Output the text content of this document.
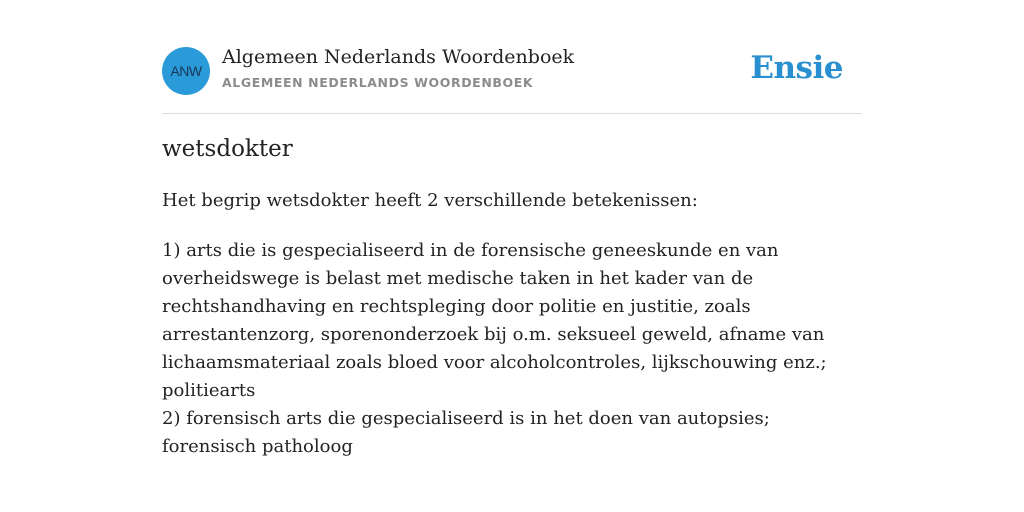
ANW
Algemeen Nederlands Woordenboek
ALGEMEEN NEDERLANDS WOORDENBOEK	Ensie
wetsdokter

Het begrip wetsdokter heeft 2 verschillende betekenissen:

1) arts die is gespecialiseerd in de forensische geneeskunde en van overheidswege is belast met medische taken in het kader van de rechtshandhaving en rechtspleging door politie en justitie, zoals arrestantenzorg, sporenonderzoek bij o.m. seksueel geweld, afname van lichaamsmateriaal zoals bloed voor alcoholcontroles, lijkschouwing enz.; politiearts

2) forensisch arts die gespecialiseerd is in het doen van autopsies; forensisch patholoog
